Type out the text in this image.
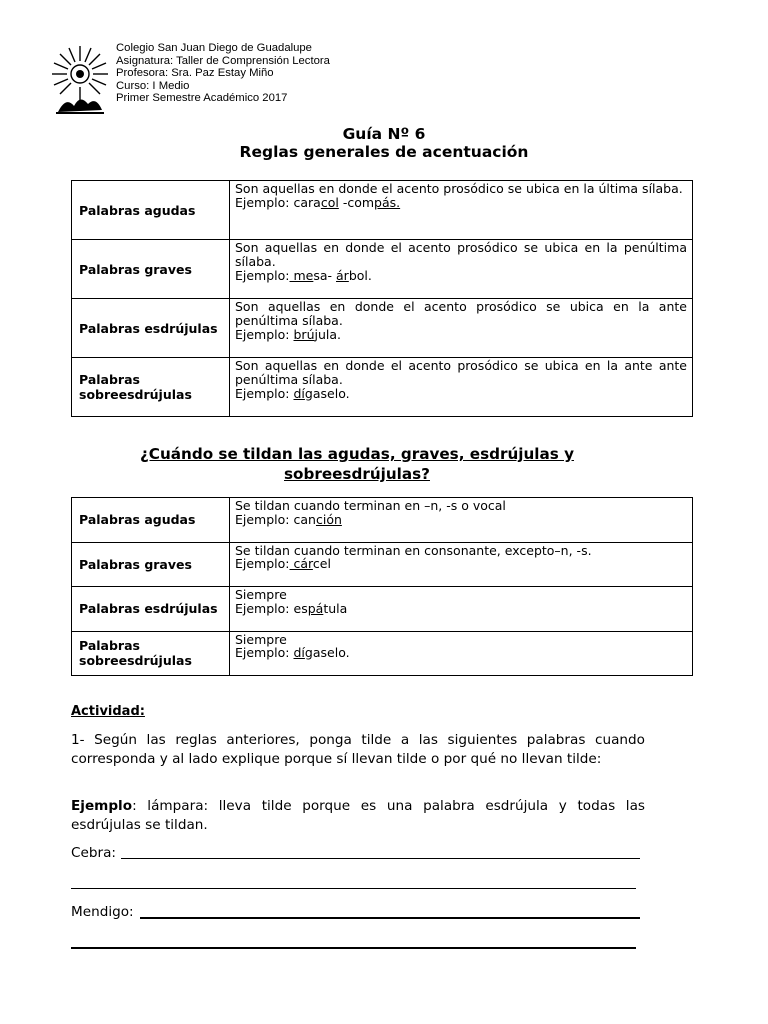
Colegio San Juan Diego de Guadalupe
Asignatura: Taller de Comprensión Lectora
Profesora: Sra. Paz Estay Miño
Curso: I Medio
Primer Semestre Académico 2017
Guía Nº 6
Reglas generales de acentuación
Palabras agudas	Son aquellas en donde el acento prosódico se ubica en la última sílaba.
Ejemplo: caracol -compás.
Palabras graves	Son aquellas en donde el acento prosódico se ubica en la penúltima sílaba.
Ejemplo: mesa- árbol.
Palabras esdrújulas	Son aquellas en donde el acento prosódico se ubica en la ante penúltima sílaba.
Ejemplo: brújula.
Palabras sobreesdrújulas	Son aquellas en donde el acento prosódico se ubica en la ante ante penúltima sílaba.
Ejemplo: dígaselo.
¿Cuándo se tildan las agudas, graves, esdrújulas y
sobreesdrújulas?
Palabras agudas	Se tildan cuando terminan en –n, -s o vocal
Ejemplo: canción
Palabras graves	Se tildan cuando terminan en consonante, excepto–n, -s.
Ejemplo: cárcel
Palabras esdrújulas	Siempre
Ejemplo: espátula
Palabras sobreesdrújulas	Siempre
Ejemplo: dígaselo.
Actividad:
1- Según las reglas anteriores, ponga tilde a las siguientes palabras cuando corresponda y al lado explique porque sí llevan tilde o por qué no llevan tilde:
Ejemplo: lámpara: lleva tilde porque es una palabra esdrújula y todas las esdrújulas se tildan.
Cebra:
Mendigo:
